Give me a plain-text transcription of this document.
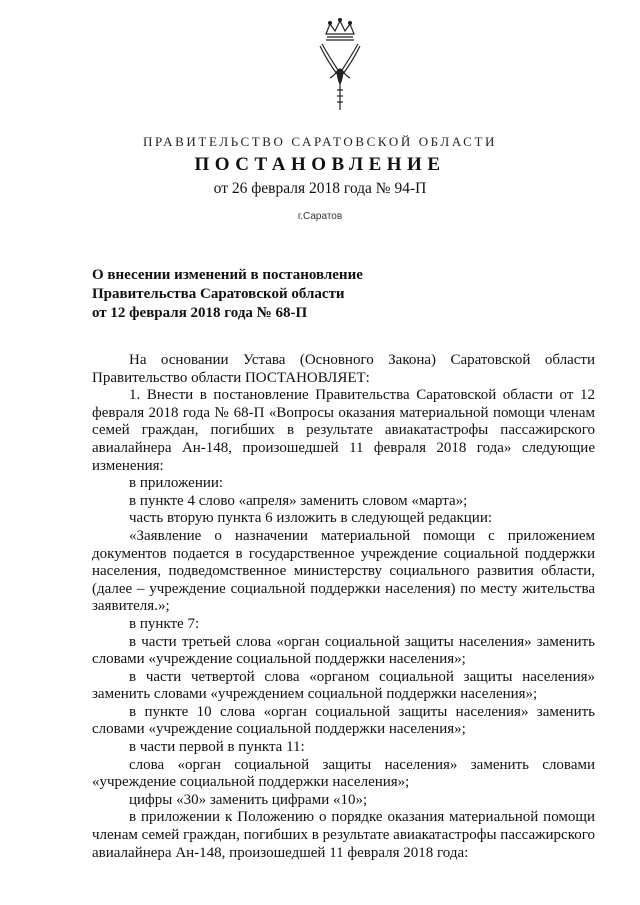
ПРАВИТЕЛЬСТВО САРАТОВСКОЙ ОБЛАСТИ
ПОСТАНОВЛЕНИЕ
от 26 февраля 2018 года № 94-П
г.Саратов
О внесении изменений в постановление
Правительства Саратовской области
от 12 февраля 2018 года № 68-П

На основании Устава (Основного Закона) Саратовской области Правительство области ПОСТАНОВЛЯЕТ:

1. Внести в постановление Правительства Саратовской области от 12 февраля 2018 года № 68-П «Вопросы оказания материальной помощи членам семей граждан, погибших в результате авиакатастрофы пассажирского авиалайнера Ан-148, произошедшей 11 февраля 2018 года» следующие изменения:

в приложении:

в пункте 4 слово «апреля» заменить словом «марта»;

часть вторую пункта 6 изложить в следующей редакции:

«Заявление о назначении материальной помощи с приложением документов подается в государственное учреждение социальной поддержки населения, подведомственное министерству социального развития области, (далее – учреждение социальной поддержки населения) по месту жительства заявителя.»;

в пункте 7:

в части третьей слова «орган социальной защиты населения» заменить словами «учреждение социальной поддержки населения»;

в части четвертой слова «органом социальной защиты населения» заменить словами «учреждением социальной поддержки населения»;

в пункте 10 слова «орган социальной защиты населения» заменить словами «учреждение социальной поддержки населения»;

в части первой в пункта 11:

слова «орган социальной защиты населения» заменить словами «учреждение социальной поддержки населения»;

цифры «30» заменить цифрами «10»;

в приложении к Положению о порядке оказания материальной помощи членам семей граждан, погибших в результате авиакатастрофы пассажирского авиалайнера Ан-148, произошедшей 11 февраля 2018 года:
